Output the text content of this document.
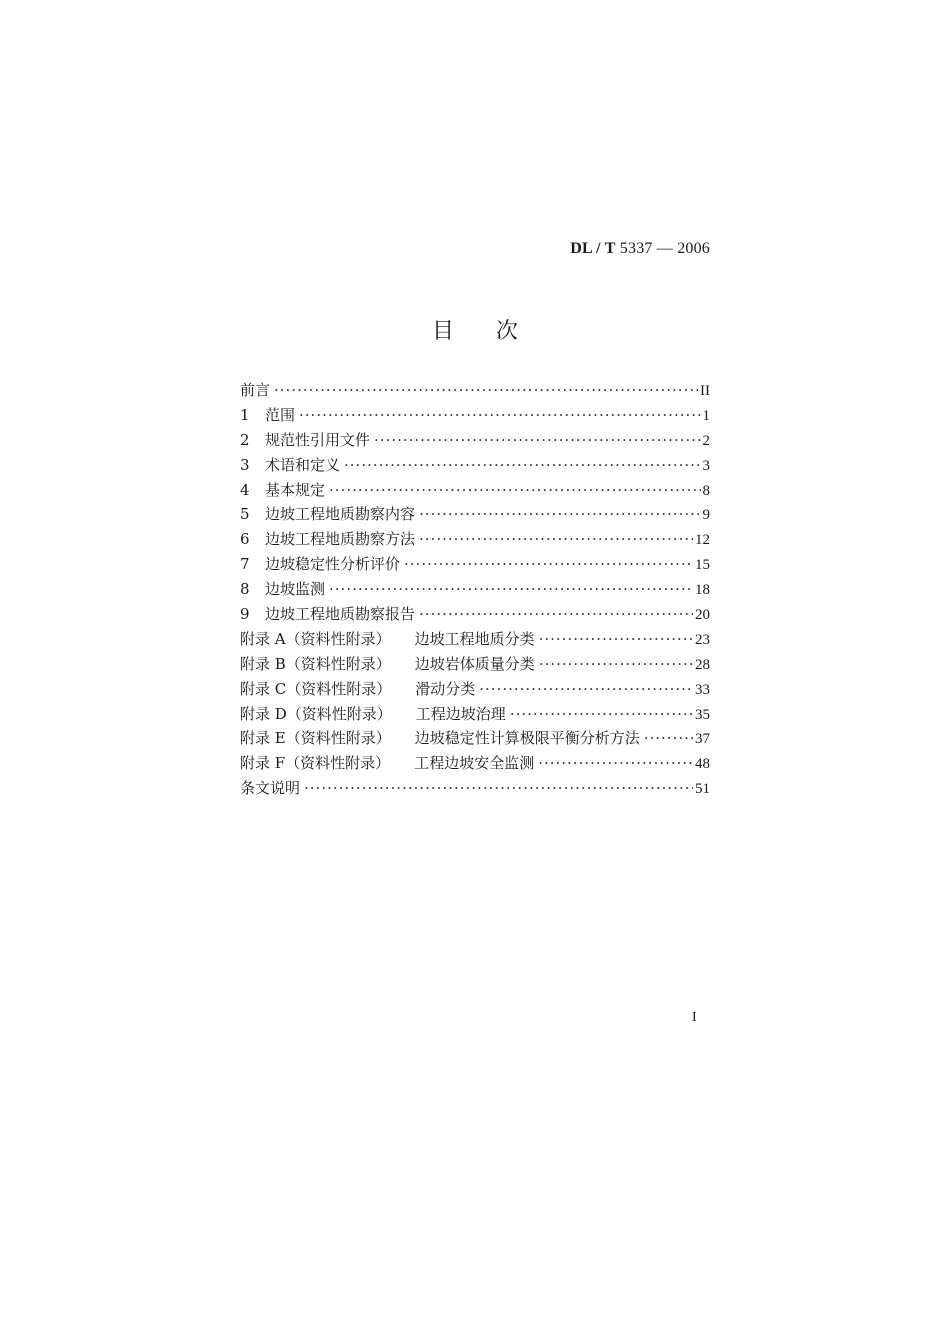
DL / T 5337 — 2006
目次
前言 ·····	II
1	范围 ·····	1
2	规范性引用文件 ·····	2
3	术语和定义 ·····	3
4	基本规定 ·····	8
5	边坡工程地质勘察内容 ·····	9
6	边坡工程地质勘察方法 ·····	12
7	边坡稳定性分析评价 ·····	15
8	边坡监测 ·····	18
9	边坡工程地质勘察报告 ·····	20
附录 A（资料性附录） 边坡工程地质分类 ·····	23
附录 B（资料性附录） 边坡岩体质量分类 ·····	28
附录 C（资料性附录） 滑动分类 ·····	33
附录 D（资料性附录） 工程边坡治理 ·····	35
附录 E（资料性附录） 边坡稳定性计算极限平衡分析方法 ·····	37
附录 F（资料性附录） 工程边坡安全监测 ·····	48
条文说明 ·····	51
I
